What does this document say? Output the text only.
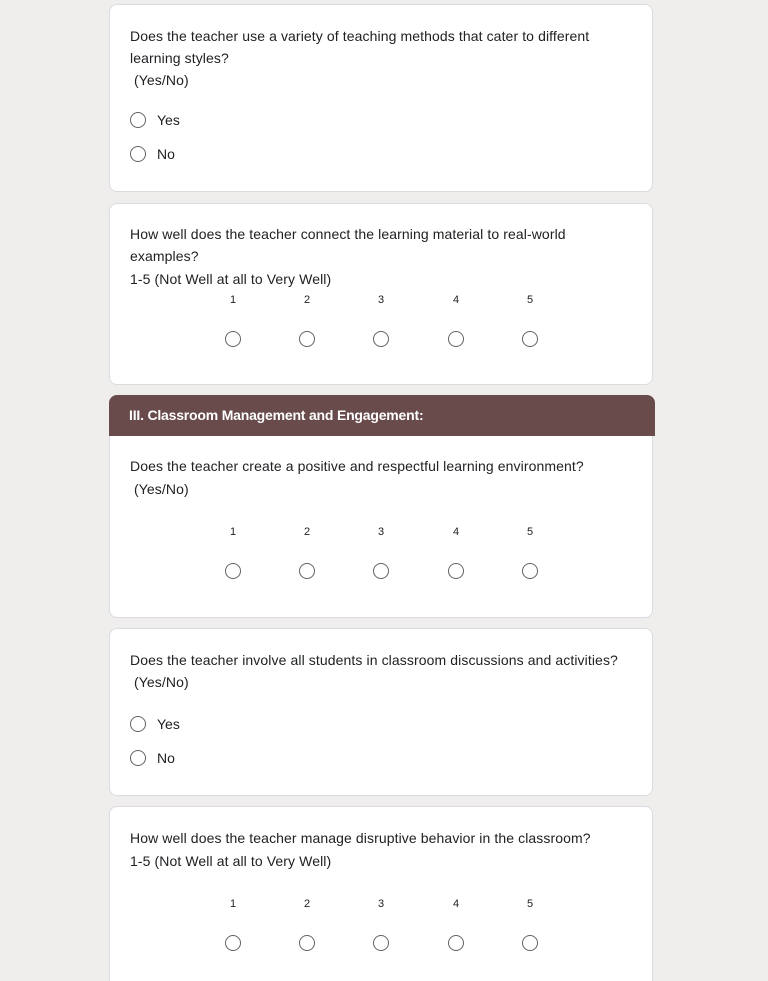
Does the teacher use a variety of teaching methods that cater to different learning styles?
(Yes/No)
Yes
No
How well does the teacher connect the learning material to real-world examples?
1-5 (Not Well at all to Very Well)
1	2	3	4	5
III. Classroom Management and Engagement:
Does the teacher create a positive and respectful learning environment?
(Yes/No)
1	2	3	4	5
Does the teacher involve all students in classroom discussions and activities?
(Yes/No)
Yes
No
How well does the teacher manage disruptive behavior in the classroom?
1-5 (Not Well at all to Very Well)
1	2	3	4	5
